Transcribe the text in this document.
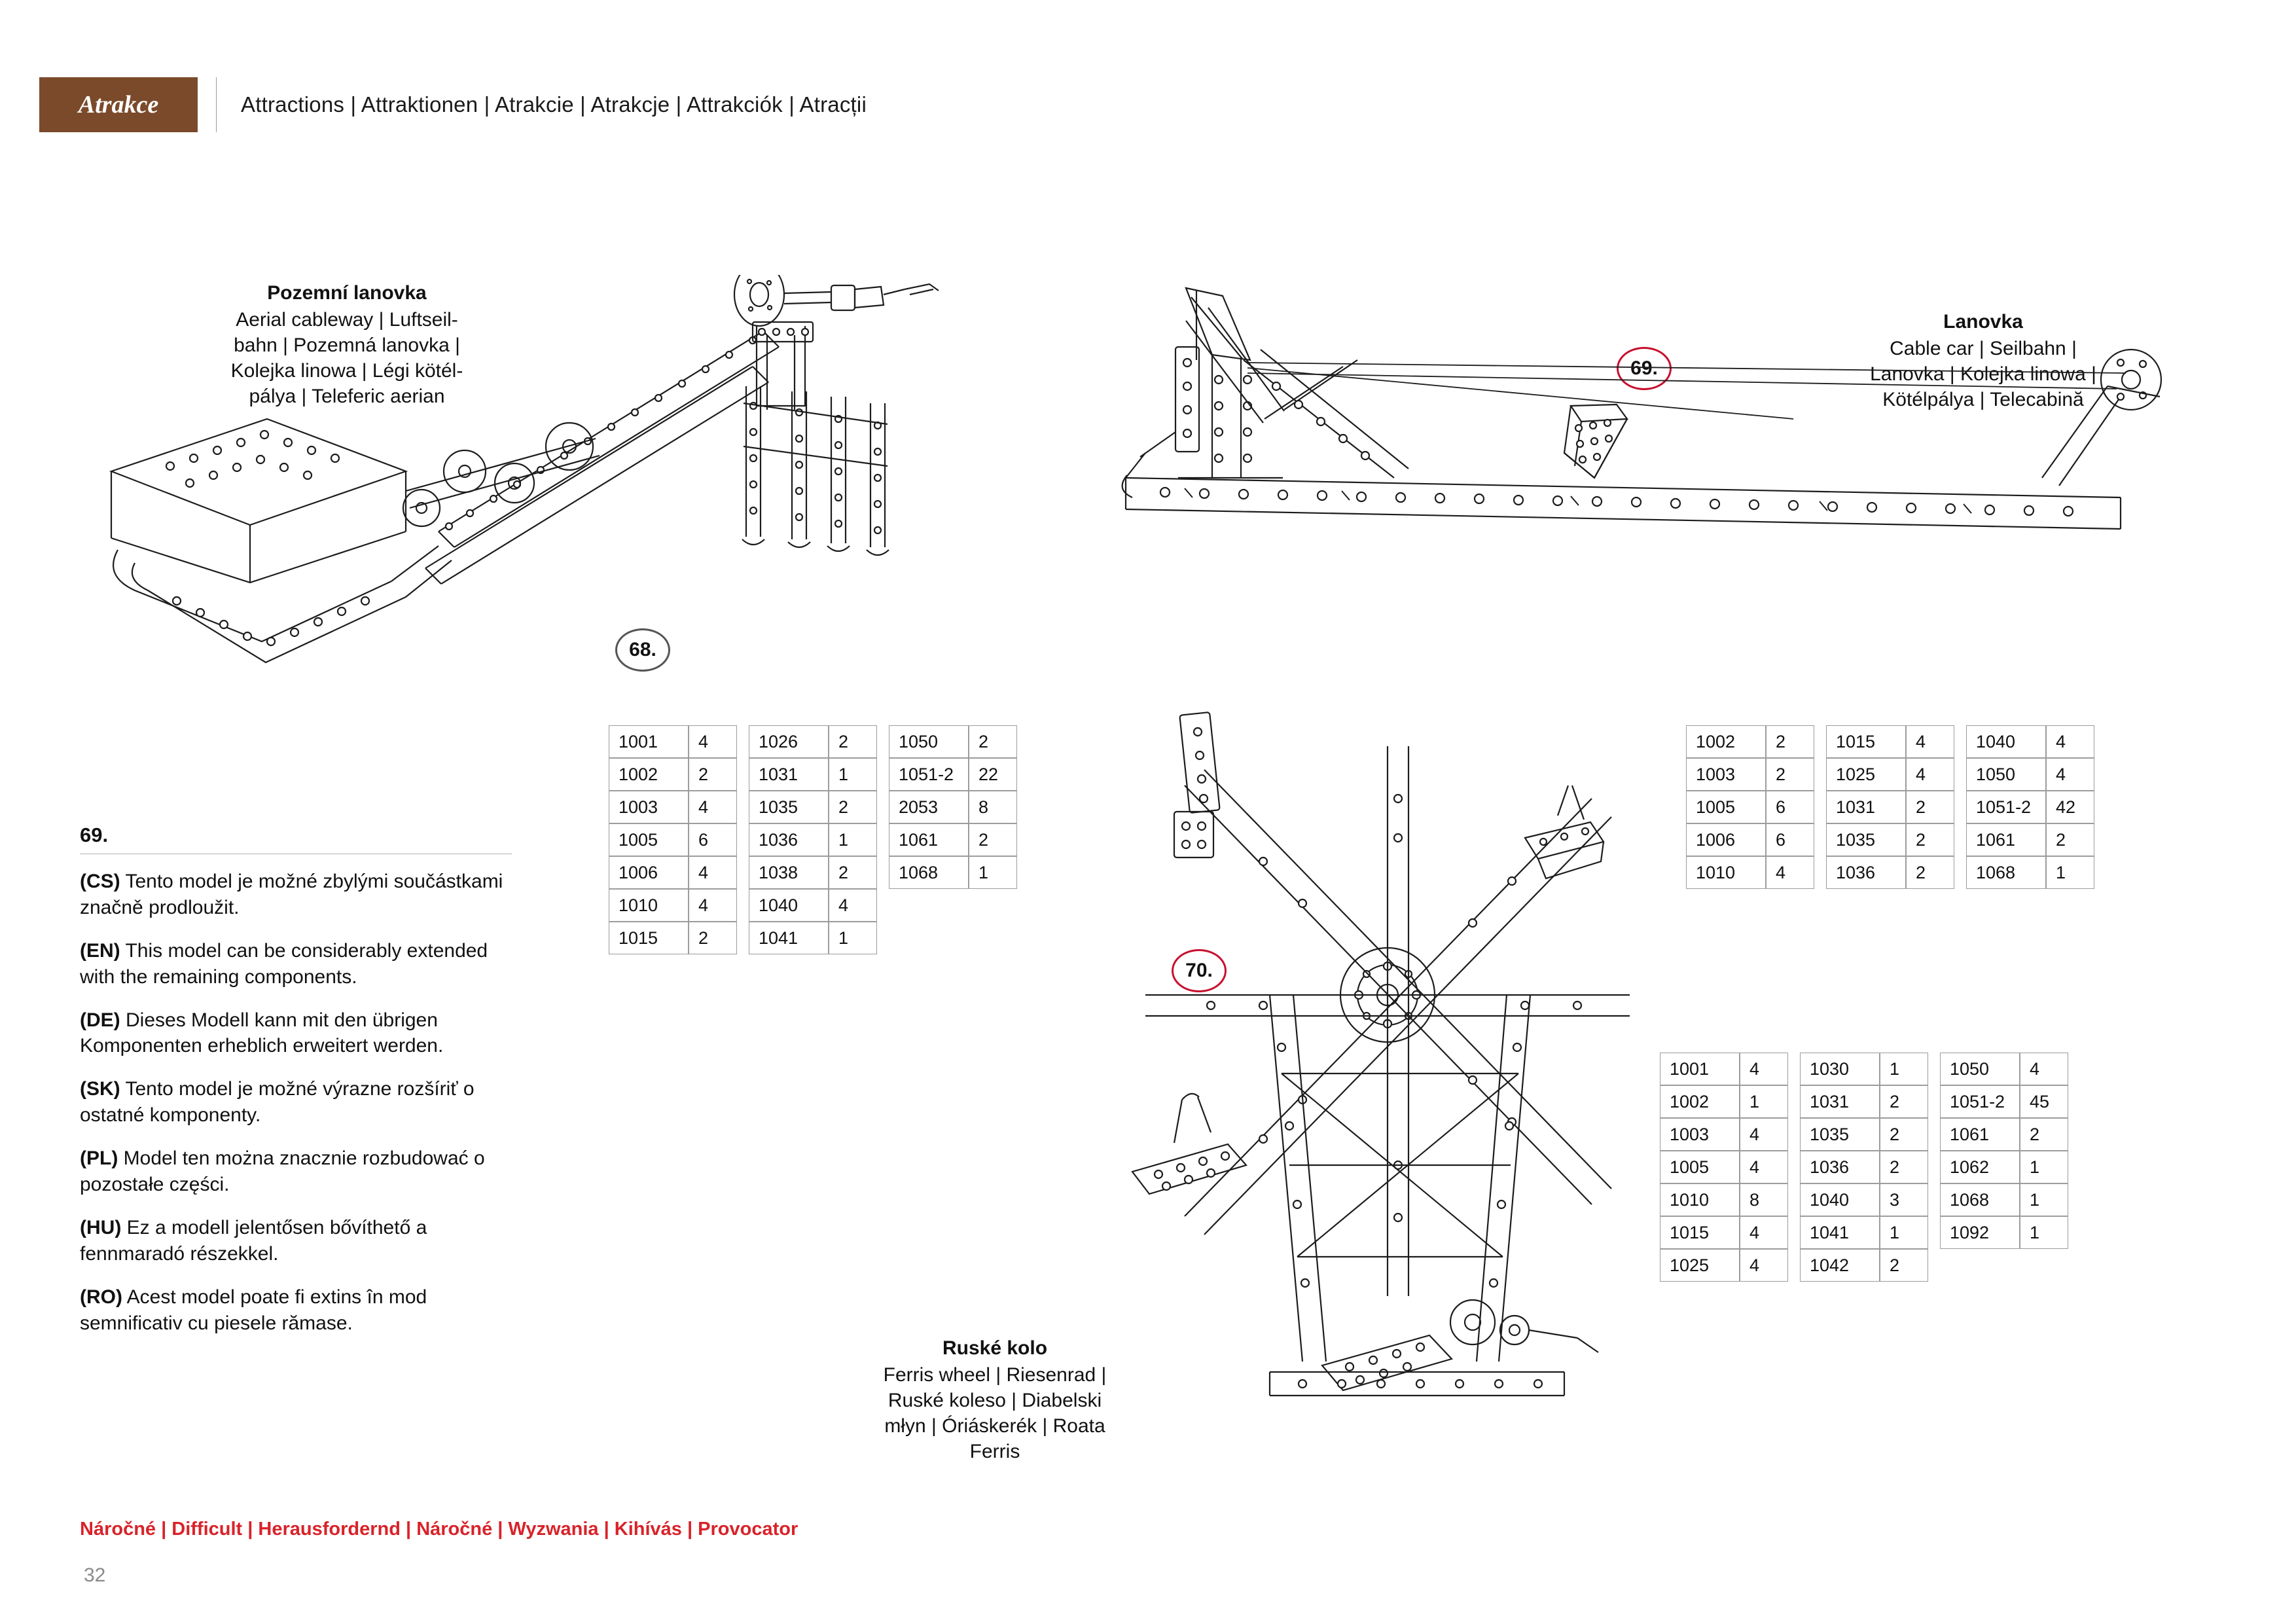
Atrakce	Attractions | Attraktionen | Atrakcie | Atrakcje | Attrakciók | Atracții
Pozemní lanovka
Aerial cableway | Luftseil-
bahn | Pozemná lanovka |
Kolejka linowa | Légi kötél-
pálya | Teleferic aerian
68.
Lanovka
Cable car | Seilbahn |
Lanovka | Kolejka linowa |
Kötélpálya | Telecabină
69.
1001	4
1002	2
1003	4
1005	6
1006	4
1010	4
1015	2
1026	2
1031	1
1035	2
1036	1
1038	2
1040	4
1041	1
1050	2
1051-2	22
2053	8
1061	2
1068	1
1002	2
1003	2
1005	6
1006	6
1010	4
1015	4
1025	4
1031	2
1035	2
1036	2
1040	4
1050	4
1051-2	42
1061	2
1068	1
1001	4
1002	1
1003	4
1005	4
1010	8
1015	4
1025	4
1030	1
1031	2
1035	2
1036	2
1040	3
1041	1
1042	2
1050	4
1051-2	45
1061	2
1062	1
1068	1
1092	1
70.
Ruské kolo
Ferris wheel | Riesenrad |
Ruské koleso | Diabelski
młyn | Óriáskerék | Roata
Ferris
69.
(CS) Tento model je možné zbylými součástkami značně prodloužit.
(EN) This model can be considerably extended with the remaining components.
(DE) Dieses Modell kann mit den übrigen Komponenten erheblich erweitert werden.
(SK) Tento model je možné výrazne rozšíriť o ostatné komponenty.
(PL) Model ten można znacznie rozbudować o pozostałe części.
(HU) Ez a modell jelentősen bővíthető a fennmaradó részekkel.
(RO) Acest model poate fi extins în mod semnificativ cu piesele rămase.
Náročné | Difficult | Herausfordernd | Náročné | Wyzwania | Kihívás | Provocator
32
